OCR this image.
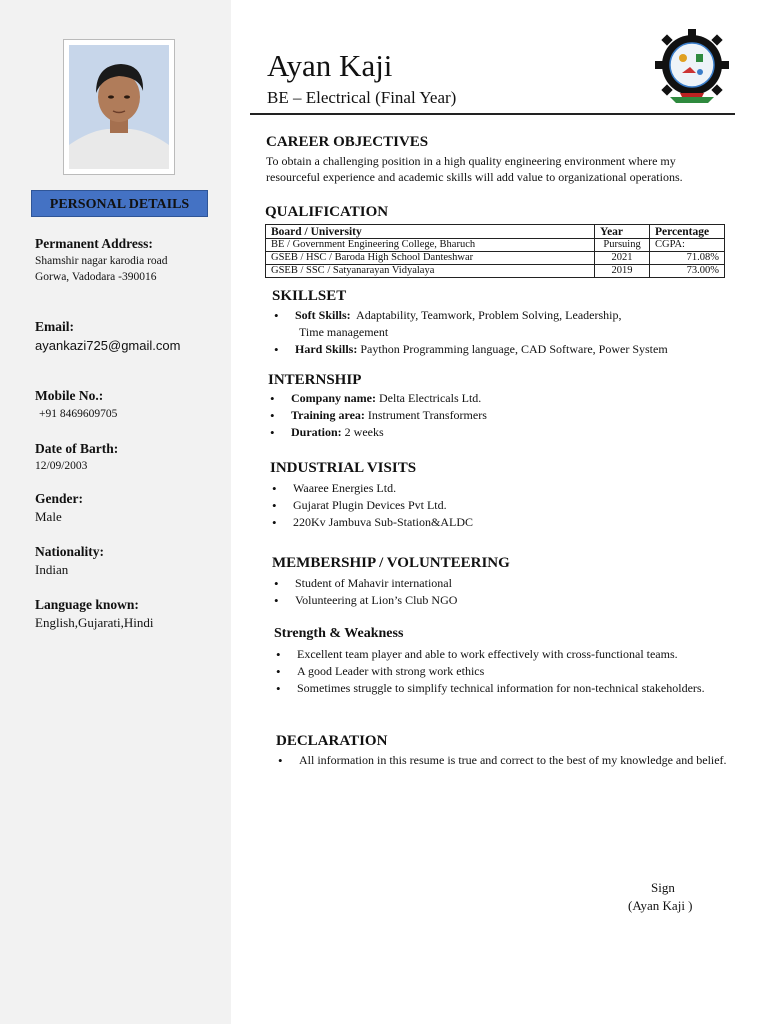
PERSONAL DETAILS
Permanent Address:
Shamshir nagar karodia road
Gorwa, Vadodara -390016
Email:
ayankazi725@gmail.com
Mobile No.:
+91 8469609705
Date of Barth:
12/09/2003
Gender:
Male
Nationality:
Indian
Language known:
English,Gujarati,Hindi
Ayan Kaji
BE – Electrical (Final Year)
CAREER OBJECTIVES
To obtain a challenging position in a high quality engineering environment where my
resourceful experience and academic skills will add value to organizational operations.
QUALIFICATION
Board / University	Year	Percentage
BE / Government Engineering College, Bharuch	Pursuing	CGPA:
GSEB / HSC / Baroda High School Danteshwar	2021	71.08%
GSEB / SSC / Satyanarayan Vidyalaya	2019	73.00%
SKILLSET
• Soft Skills: Adaptability, Teamwork, Problem Solving, Leadership,
Time management
• Hard Skills: Paython Programming language, CAD Software, Power System
INTERNSHIP
• Company name: Delta Electricals Ltd.
• Training area: Instrument Transformers
• Duration: 2 weeks
INDUSTRIAL VISITS
• Waaree Energies Ltd.
• Gujarat Plugin Devices Pvt Ltd.
• 220Kv Jambuva Sub-Station&ALDC
MEMBERSHIP / VOLUNTEERING
• Student of Mahavir international
• Volunteering at Lion’s Club NGO
Strength & Weakness
• Excellent team player and able to work effectively with cross-functional teams.
• A good Leader with strong work ethics
• Sometimes struggle to simplify technical information for non-technical stakeholders.
DECLARATION
• All information in this resume is true and correct to the best of my knowledge and belief.
Sign
(Ayan Kaji )
